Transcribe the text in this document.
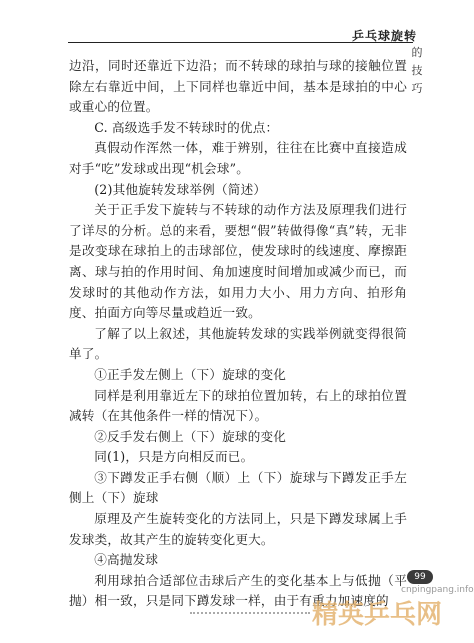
乒乓球旋转
的技巧

边沿，同时还靠近下边沿；而不转球的球拍与球的接触位置除左右靠近中间，上下同样也靠近中间，基本是球拍的中心或重心的位置。

C. 高级选手发不转球时的优点：

真假动作浑然一体，难于辨别，往往在比赛中直接造成对手“吃”发球或出现“机会球”。

(2)其他旋转发球举例（简述）

关于正手发下旋转与不转球的动作方法及原理我们进行了详尽的分析。总的来看，要想“假”转做得像“真”转，无非是改变球在球拍上的击球部位，使发球时的线速度、摩擦距离、球与拍的作用时间、角加速度时间增加或减少而已，而发球时的其他动作方法，如用力大小、用力方向、拍形角度、拍面方向等尽量或趋近一致。

了解了以上叙述，其他旋转发球的实践举例就变得很简单了。

①正手发左侧上（下）旋球的变化

同样是利用靠近左下的球拍位置加转，右上的球拍位置减转（在其他条件一样的情况下）。

②反手发右侧上（下）旋球的变化

同(1)，只是方向相反而已。

③下蹲发正手右侧（顺）上（下）旋球与下蹲发正手左侧上（下）旋球

原理及产生旋转变化的方法同上，只是下蹲发球属上手发球类，故其产生的旋转变化更大。

④高抛发球

利用球拍合适部位击球后产生的变化基本上与低抛（平抛）相一致，只是同下蹲发球一样，由于有重力加速度的

99
cnpingpang.info
精英乒乓网
